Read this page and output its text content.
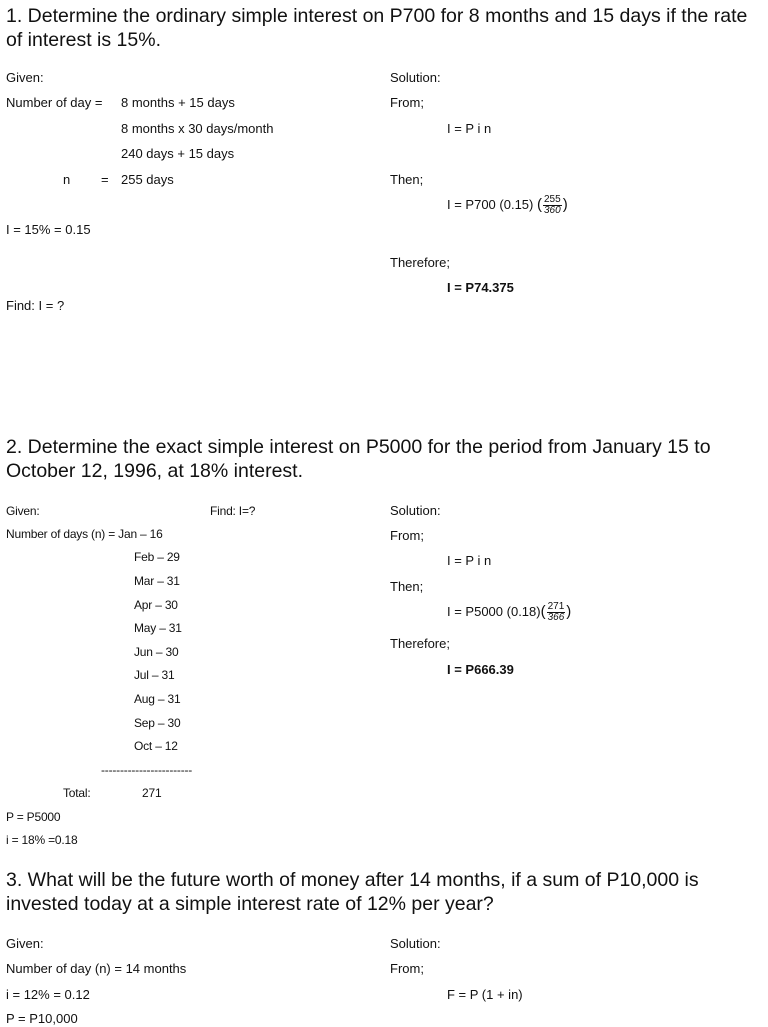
1. Determine the ordinary simple interest on P700 for 8 months and 15 days if the rate of interest is 15%.
Given:
Number of day = 8 months + 15 days
8 months x 30 days/month
240 days + 15 days
n = 255 days
I = 15% = 0.15
Find: I = ?
Solution:
From;
I = P i n
Then;
I = P700 (0.15) ( $\frac{255}{360}$ )
Therefore;
I = P74.375
2. Determine the exact simple interest on P5000 for the period from January 15 to October 12, 1996, at 18% interest.
Given:	Find: I=?
Number of days (n) = Jan – 16
Feb – 29
Mar – 31
Apr – 30
May – 31
Jun – 30
Jul – 31
Aug – 31
Sep – 30
Oct – 12
------------------------
Total:	271
P = P5000
i = 18% =0.18
Solution:
From;
I = P i n
Then;
I = P5000 $(0.18)( \frac{271}{366}$ )
Therefore;
I = P666.39
3. What will be the future worth of money after 14 months, if a sum of P10,000 is invested today at a simple interest rate of 12% per year?
Given:
Number of day (n) = 14 months
i = 12% = 0.12
P = P10,000
Solution:
From;
F = P (1 + in)
